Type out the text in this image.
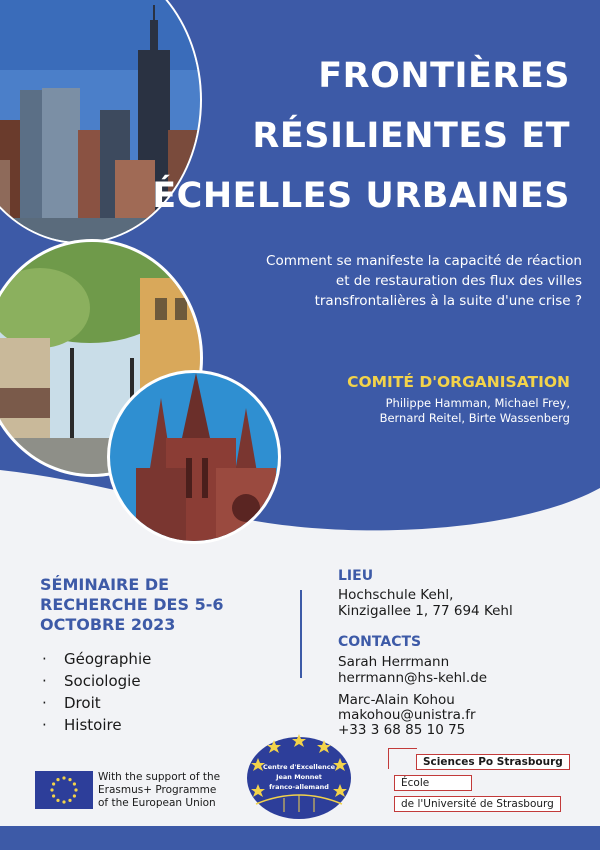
FRONTIÈRES
RÉSILIENTES ET
ÉCHELLES URBAINES
Comment se manifeste la capacité de réaction
et de restauration des flux des villes
transfrontalières à la suite d'une crise ?
COMITÉ D'ORGANISATION
Philippe Hamman, Michael Frey,
Bernard Reitel, Birte Wassenberg
SÉMINAIRE DE
RECHERCHE DES 5-6
OCTOBRE 2023
· Géographie
· Sociologie
· Droit
· Histoire
LIEU
Hochschule Kehl,
Kinzigallee 1, 77 694 Kehl
CONTACTS
Sarah Herrmann
herrmann@hs-kehl.de
Marc-Alain Kohou
makohou@unistra.fr
+33 3 68 85 10 75
With the support of the
Erasmus+ Programme
of the European Union
Centre d'Excellence
Jean Monnet
franco-allemand
Sciences Po Strasbourg
École
de l'Université de Strasbourg
